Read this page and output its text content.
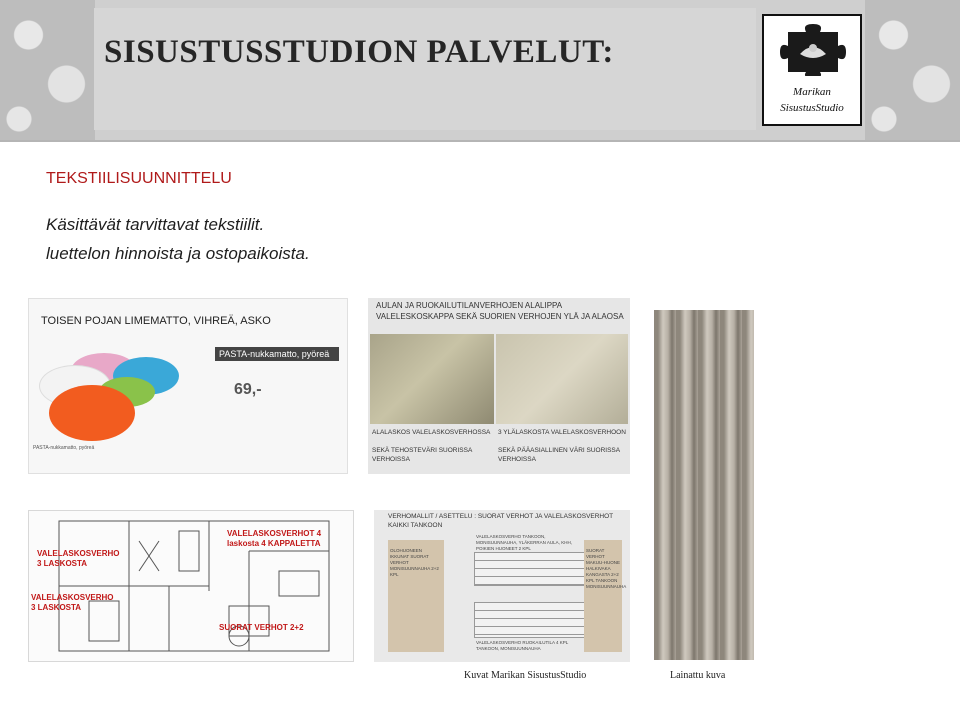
SISUSTUSSTUDION PALVELUT:
Marikan
SisustusStudio
TEKSTIILISUUNNITTELU
Käsittävät tarvittavat tekstiilit.
luettelon hinnoista ja ostopaikoista.
TOISEN POJAN LIMEMATTO, VIHREÄ, ASKO
PASTA-nukkamatto, pyöreä
69,-
PASTA-nukkamatto, pyöreä
AULAN JA RUOKAILUTILANVERHOJEN ALALIPPA VALELESKOSKAPPA SEKÄ SUORIEN VERHOJEN YLÄ JA ALAOSA
ALALASKOS VALELASKOSVERHOSSA

SEKÄ TEHOSTEVÄRI SUORISSA VERHOISSA
3 YLÄLASKOSTA VALELASKOSVERHOON

SEKÄ PÄÄASIALLINEN VÄRI SUORISSA VERHOISSA
VALELASKOSVERHO 3 LASKOSTA
VALELASKOSVERHO 3 LASKOSTA
VALELASKOSVERHOT 4 laskosta 4 KAPPALETTA
SUORAT VERHOT 2+2
VERHOMALLIT / ASETTELU : SUORAT VERHOT JA VALELASKOSVERHOT KAIKKI TANKOON
OLOHUONEEN IKKUNAT SUORAT VERHOT MONISUUNNAUHA 2+2 KPL
VALELASKOSVERHO TANKOON, MONISUUNNAUHA, YLÄKERRAN AULA, KHH, POIKIEN HUONEET 2 KPL
VALELASKOSVERHO RUOKAILUTILA 4 KPL TANKOON, MONISUUNNAUHA
SUORAT VERHOT MAKUU-HUONE HALKIVAKA KANGASTA 2+2 KPL TANKOON MONISUUNNAUHA
Kuvat Marikan SisustusStudio	Lainattu kuva
